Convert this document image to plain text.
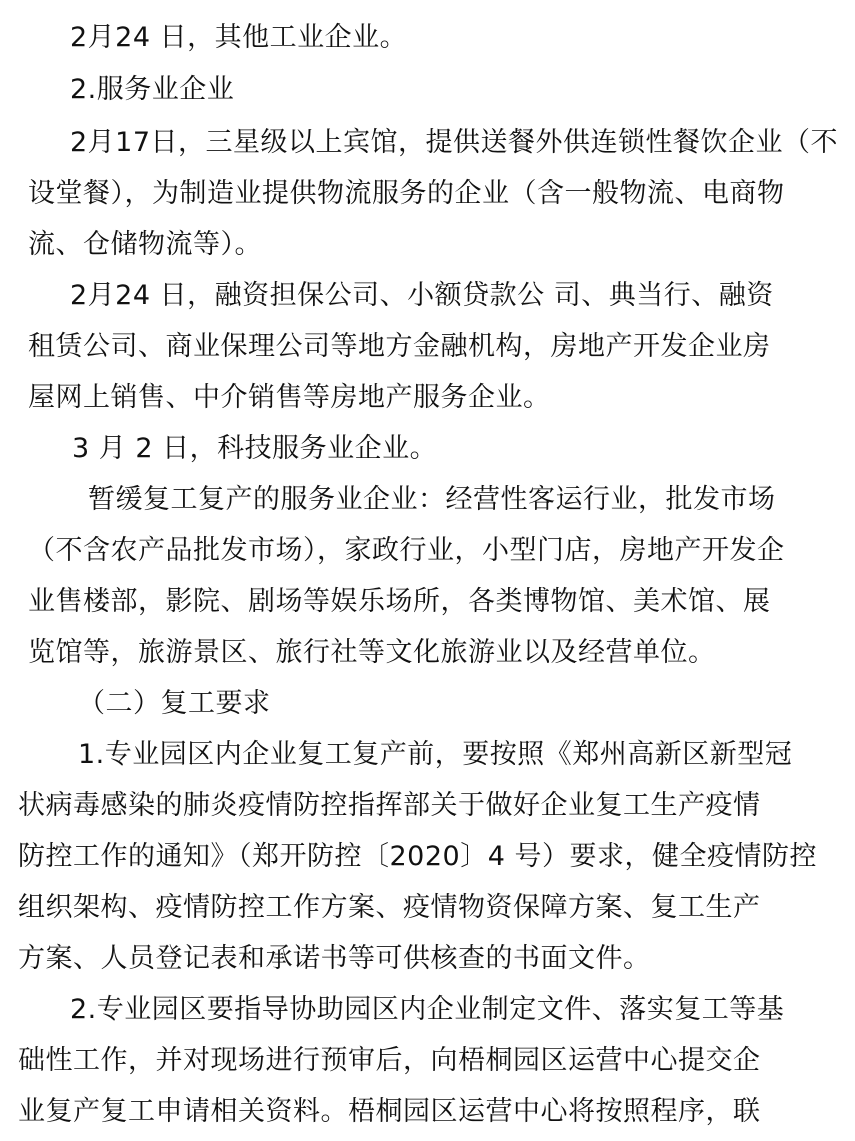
2月24 日，其他工业企业。
2.服务业企业
2月17日，三星级以上宾馆，提供送餐外供连锁性餐饮企业（不
设堂餐），为制造业提供物流服务的企业（含一般物流、电商物
流、仓储物流等）。
2月24 日，融资担保公司、小额贷款公 司、典当行、融资
租赁公司、商业保理公司等地方金融机构，房地产开发企业房
屋网上销售、中介销售等房地产服务企业。
3 月 2 日，科技服务业企业。
暂缓复工复产的服务业企业：经营性客运行业，批发市场
（不含农产品批发市场），家政行业，小型门店，房地产开发企
业售楼部，影院、剧场等娱乐场所，各类博物馆、美术馆、展
览馆等，旅游景区、旅行社等文化旅游业以及经营单位。
（二）复工要求
1.专业园区内企业复工复产前，要按照《郑州高新区新型冠
状病毒感染的肺炎疫情防控指挥部关于做好企业复工生产疫情
防控工作的通知》（郑开防控〔2020〕4 号）要求，健全疫情防控
组织架构、疫情防控工作方案、疫情物资保障方案、复工生产
方案、人员登记表和承诺书等可供核查的书面文件。
2.专业园区要指导协助园区内企业制定文件、落实复工等基
础性工作，并对现场进行预审后，向梧桐园区运营中心提交企
业复产复工申请相关资料。梧桐园区运营中心将按照程序，联
